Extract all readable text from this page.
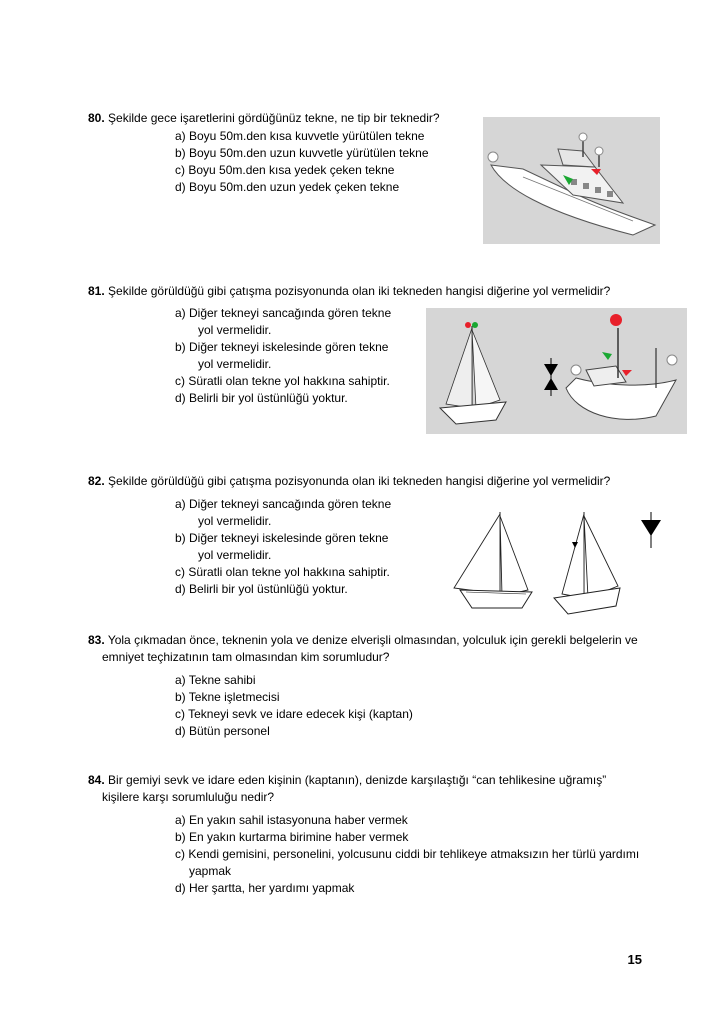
80. Şekilde gece işaretlerini gördüğünüz tekne, ne tip bir teknedir?
a) Boyu 50m.den kısa kuvvetle yürütülen tekne
b) Boyu 50m.den uzun kuvvetle yürütülen tekne
c) Boyu 50m.den kısa yedek çeken tekne
d) Boyu 50m.den uzun yedek çeken tekne
81. Şekilde görüldüğü gibi çatışma pozisyonunda olan iki tekneden hangisi diğerine yol vermelidir?
a) Diğer tekneyi sancağında gören tekne
yol vermelidir.
b) Diğer tekneyi iskelesinde gören tekne
yol vermelidir.
c) Süratli olan tekne yol hakkına sahiptir.
d) Belirli bir yol üstünlüğü yoktur.
82. Şekilde görüldüğü gibi çatışma pozisyonunda olan iki tekneden hangisi diğerine yol vermelidir?
a) Diğer tekneyi sancağında gören tekne
yol vermelidir.
b) Diğer tekneyi iskelesinde gören tekne
yol vermelidir.
c) Süratli olan tekne yol hakkına sahiptir.
d) Belirli bir yol üstünlüğü yoktur.
83. Yola çıkmadan önce, teknenin yola ve denize elverişli olmasından, yolculuk için gerekli belgelerin ve
emniyet teçhizatının tam olmasından kim sorumludur?
a) Tekne sahibi
b) Tekne işletmecisi
c) Tekneyi sevk ve idare edecek kişi (kaptan)
d) Bütün personel
84. Bir gemiyi sevk ve idare eden kişinin (kaptanın), denizde karşılaştığı “can tehlikesine uğramış”
kişilere karşı sorumluluğu nedir?
a) En yakın sahil istasyonuna haber vermek
b) En yakın kurtarma birimine haber vermek
c) Kendi gemisini, personelini, yolcusunu ciddi bir tehlikeye atmaksızın her türlü yardımı
yapmak
d) Her şartta, her yardımı yapmak
15
